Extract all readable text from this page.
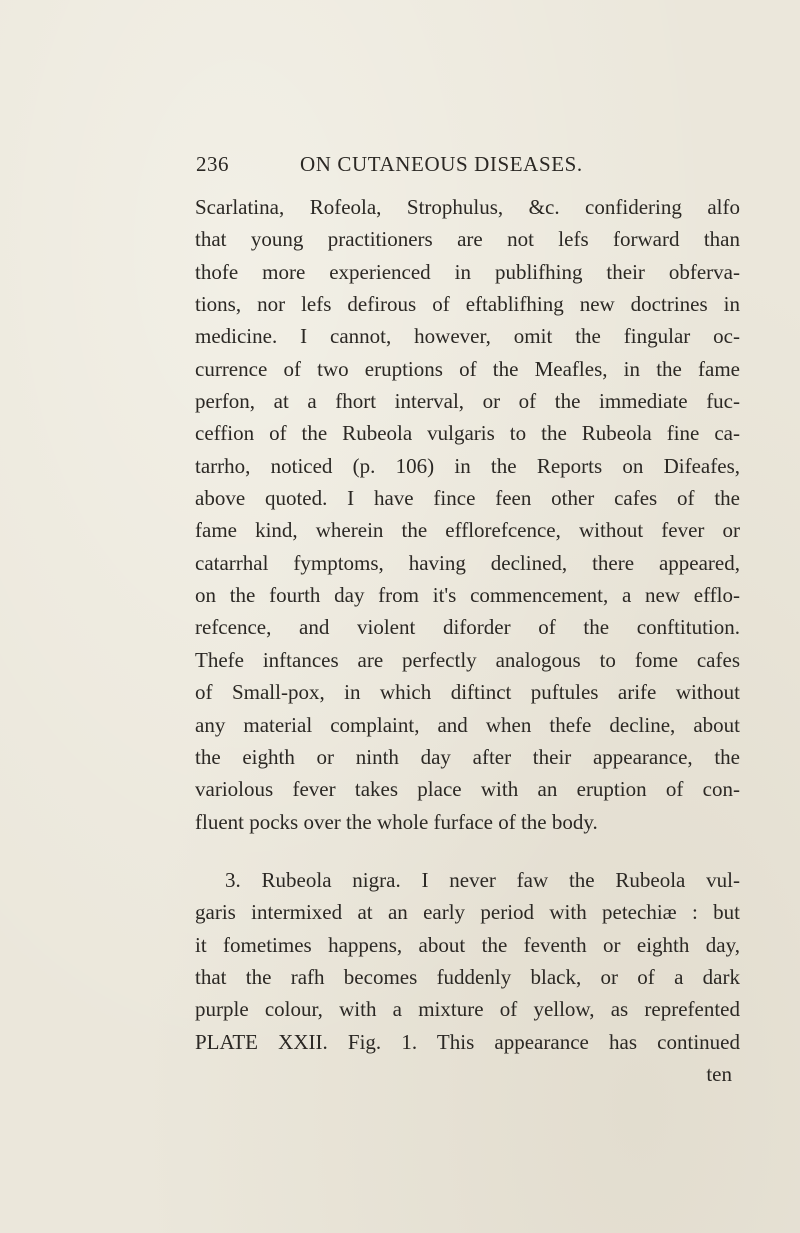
236	ON CUTANEOUS DISEASES.
Scarlatina, Rofeola, Strophulus, &c. confidering alfo
that young practitioners are not lefs forward than
thofe more experienced in publifhing their obferva-
tions, nor lefs defirous of eftablifhing new doctrines in
medicine. I cannot, however, omit the fingular oc-
currence of two eruptions of the Meafles, in the fame
perfon, at a fhort interval, or of the immediate fuc-
ceffion of the Rubeola vulgaris to the Rubeola fine ca-
tarrho, noticed (p. 106) in the Reports on Difeafes,
above quoted. I have fince feen other cafes of the
fame kind, wherein the efflorefcence, without fever or
catarrhal fymptoms, having declined, there appeared,
on the fourth day from it's commencement, a new efflo-
refcence, and violent diforder of the conftitution.
Thefe inftances are perfectly analogous to fome cafes
of Small-pox, in which diftinct puftules arife without
any material complaint, and when thefe decline, about
the eighth or ninth day after their appearance, the
variolous fever takes place with an eruption of con-
fluent pocks over the whole furface of the body.
3. Rubeola nigra. I never faw the Rubeola vul-
garis intermixed at an early period with petechiæ : but
it fometimes happens, about the feventh or eighth day,
that the rafh becomes fuddenly black, or of a dark
purple colour, with a mixture of yellow, as reprefented
PLATE XXII. Fig. 1. This appearance has continued
ten
